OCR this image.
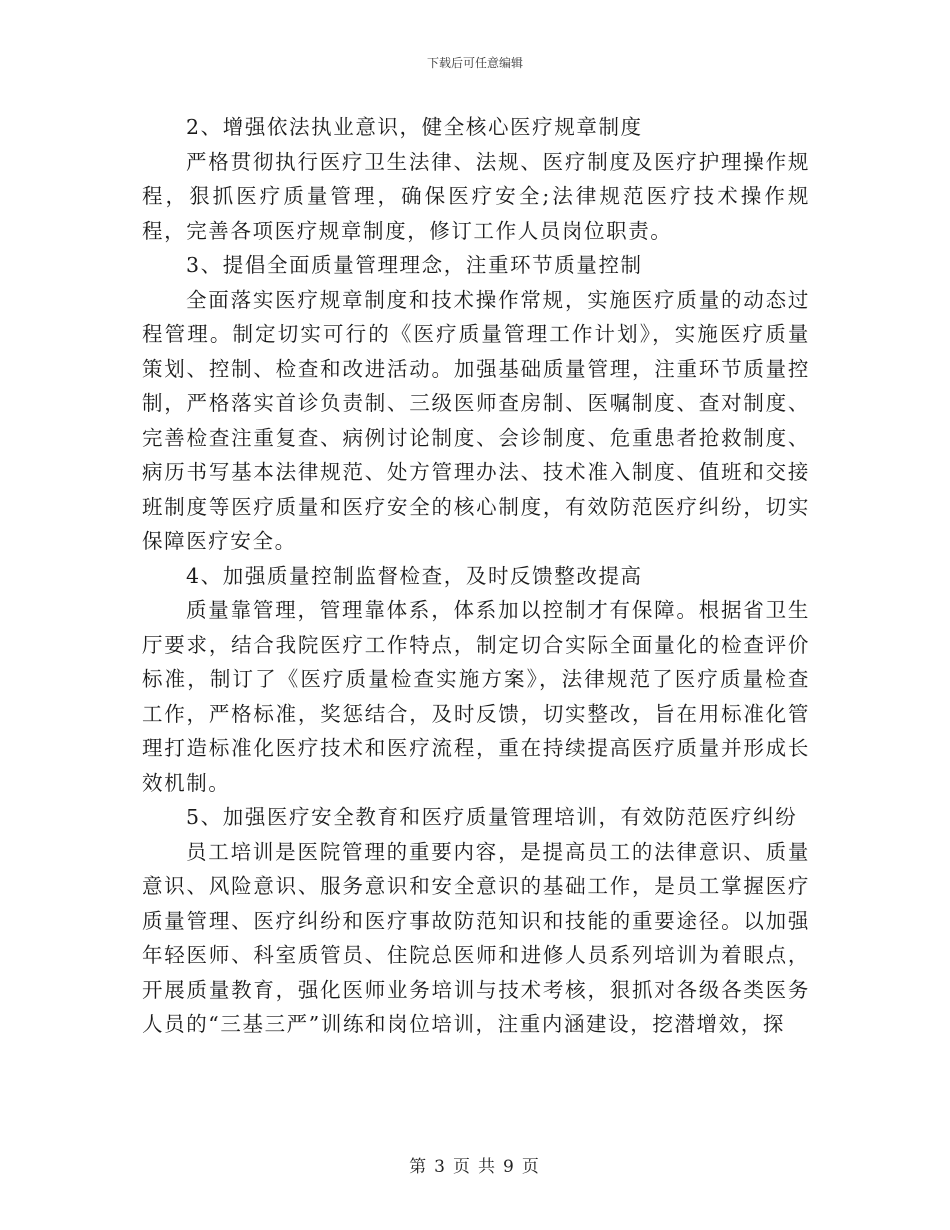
下载后可任意编辑

2、增强依法执业意识，健全核心医疗规章制度

严格贯彻执行医疗卫生法律、法规、医疗制度及医疗护理操作规程，狠抓医疗质量管理，确保医疗安全;法律规范医疗技术操作规程，完善各项医疗规章制度，修订工作人员岗位职责。

3、提倡全面质量管理理念，注重环节质量控制

全面落实医疗规章制度和技术操作常规，实施医疗质量的动态过程管理。制定切实可行的《医疗质量管理工作计划》，实施医疗质量策划、控制、检查和改进活动。加强基础质量管理，注重环节质量控制，严格落实首诊负责制、三级医师查房制、医嘱制度、查对制度、完善检查注重复查、病例讨论制度、会诊制度、危重患者抢救制度、病历书写基本法律规范、处方管理办法、技术准入制度、值班和交接班制度等医疗质量和医疗安全的核心制度，有效防范医疗纠纷，切实保障医疗安全。

4、加强质量控制监督检查，及时反馈整改提高

质量靠管理，管理靠体系，体系加以控制才有保障。根据省卫生厅要求，结合我院医疗工作特点，制定切合实际全面量化的检查评价标准，制订了《医疗质量检查实施方案》，法律规范了医疗质量检查工作，严格标准，奖惩结合，及时反馈，切实整改，旨在用标准化管理打造标准化医疗技术和医疗流程，重在持续提高医疗质量并形成长效机制。

5、加强医疗安全教育和医疗质量管理培训，有效防范医疗纠纷

员工培训是医院管理的重要内容，是提高员工的法律意识、质量意识、风险意识、服务意识和安全意识的基础工作，是员工掌握医疗质量管理、医疗纠纷和医疗事故防范知识和技能的重要途径。以加强年轻医师、科室质管员、住院总医师和进修人员系列培训为着眼点，开展质量教育，强化医师业务培训与技术考核，狠抓对各级各类医务人员的“三基三严”训练和岗位培训，注重内涵建设，挖潜增效，探

第 3 页 共 9 页
